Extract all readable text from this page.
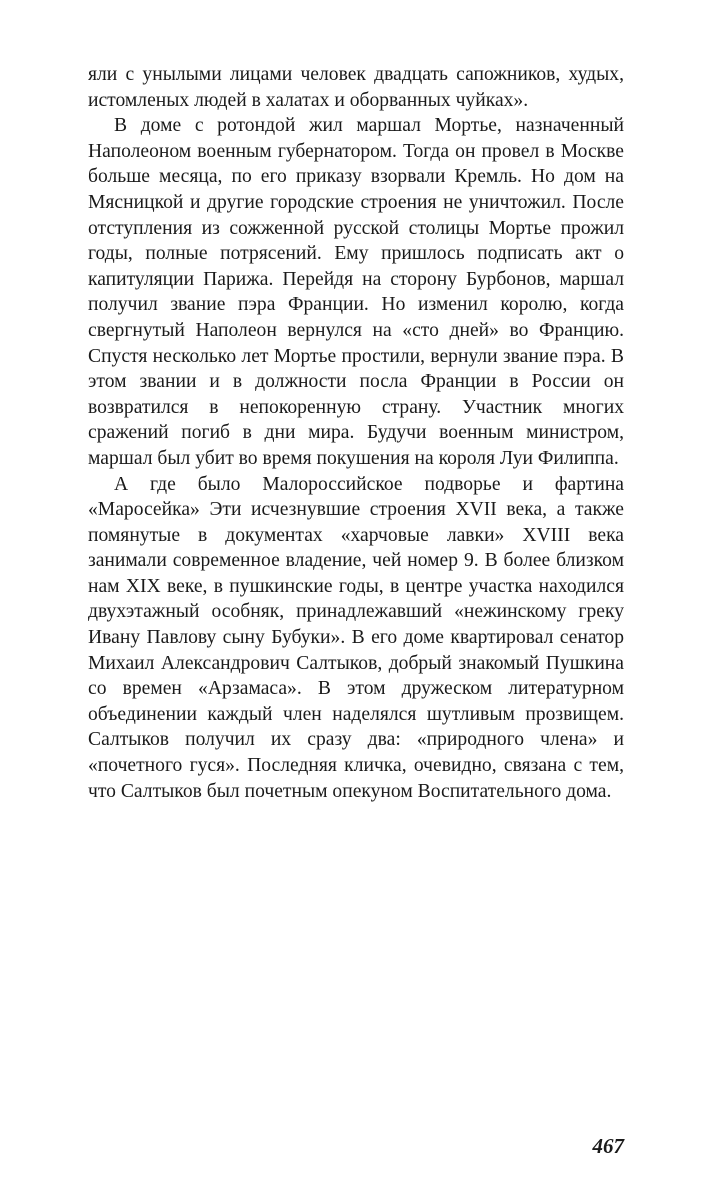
яли с унылыми лицами человек двадцать сапожников, худых, истомленых людей в халатах и оборванных чуйках».

В доме с ротондой жил маршал Мортье, назначенный Наполеоном военным губернатором. Тогда он провел в Москве больше месяца, по его приказу взорвали Кремль. Но дом на Мясницкой и другие городские строения не уничтожил. После отступления из сожженной русской столицы Мортье прожил годы, полные потрясений. Ему пришлось подписать акт о капитуляции Парижа. Перейдя на сторону Бурбонов, маршал получил звание пэра Франции. Но изменил королю, когда свергнутый Наполеон вернулся на «сто дней» во Францию. Спустя несколько лет Мортье простили, вернули звание пэра. В этом звании и в должности посла Франции в России он возвратился в непокоренную страну. Участник многих сражений погиб в дни мира. Будучи военным министром, маршал был убит во время покушения на короля Луи Филиппа.

А где было Малороссийское подворье и фартина «Маросейка» Эти исчезнувшие строения XVII века, а также помянутые в документах «харчовые лавки» XVIII века занимали современное владение, чей номер 9. В более близком нам XIX веке, в пушкинские годы, в центре участка находился двухэтажный особняк, принадлежавший «нежинскому греку Ивану Павлову сыну Бубуки». В его доме квартировал сенатор Михаил Александрович Салтыков, добрый знакомый Пушкина со времен «Арзамаса». В этом дружеском литературном объединении каждый член наделялся шутливым прозвищем. Салтыков получил их сразу два: «природного члена» и «почетного гуся». Последняя кличка, очевидно, связана с тем, что Салтыков был почетным опекуном Воспитательного дома.

467
